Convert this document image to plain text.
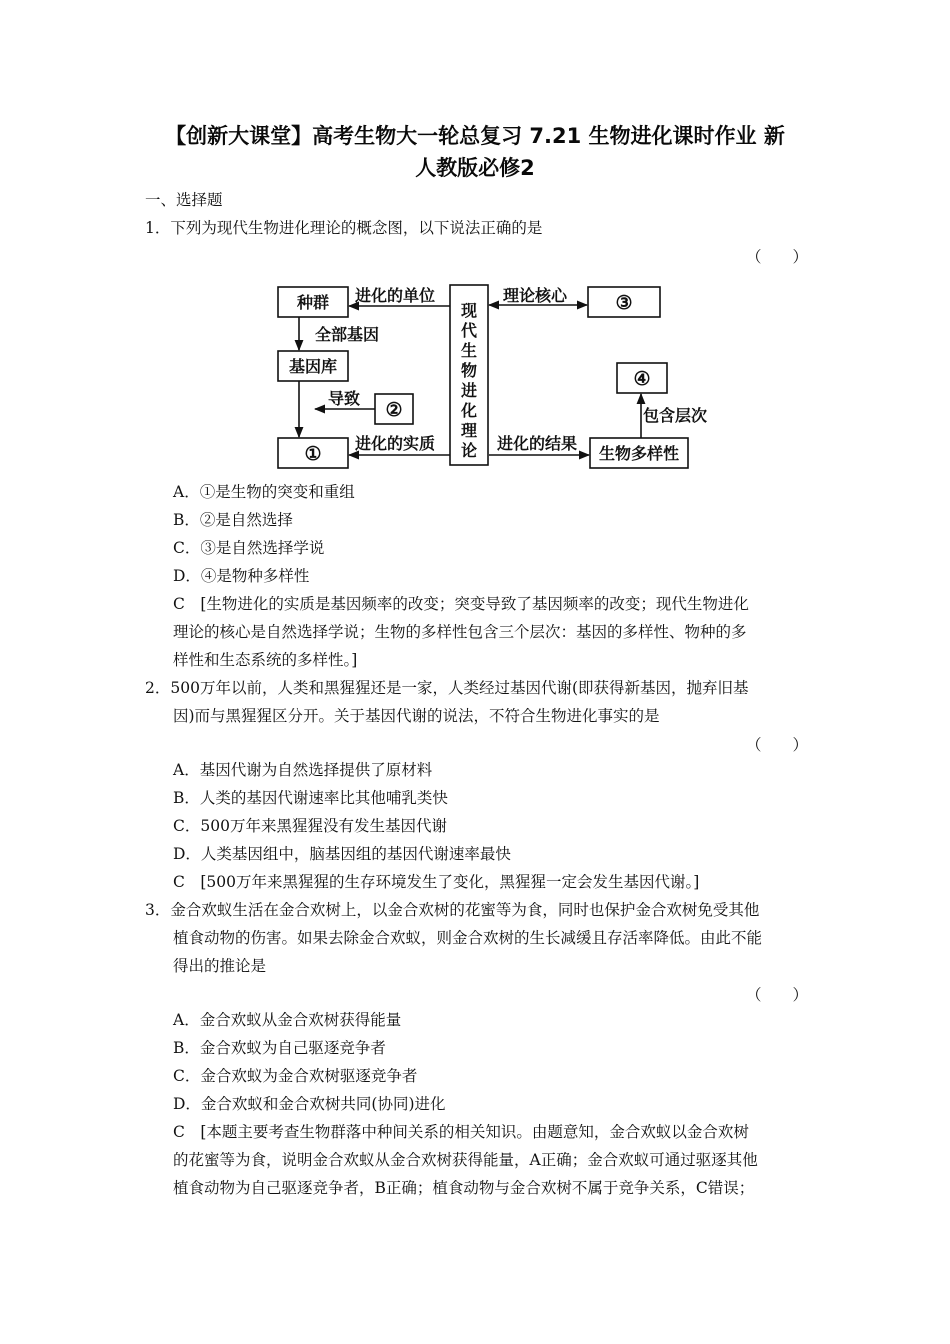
【创新大课堂】高考生物大一轮总复习 7.21 生物进化课时作业 新
人教版必修2
一、选择题
1．下列为现代生物进化理论的概念图，以下说法正确的是
（　　）
种群
基因库
①
②
③
④
生物多样性
现
代
生
物
进
化
理
论
进化的单位
全部基因
导致
进化的实质
理论核心
进化的结果
包含层次
A．①是生物的突变和重组
B．②是自然选择
C．③是自然选择学说
D．④是物种多样性
C　[生物进化的实质是基因频率的改变；突变导致了基因频率的改变；现代生物进化
理论的核心是自然选择学说；生物的多样性包含三个层次：基因的多样性、物种的多
样性和生态系统的多样性。]
2．500万年以前，人类和黑猩猩还是一家，人类经过基因代谢(即获得新基因，抛弃旧基
因)而与黑猩猩区分开。关于基因代谢的说法，不符合生物进化事实的是
（　　）
A．基因代谢为自然选择提供了原材料
B．人类的基因代谢速率比其他哺乳类快
C．500万年来黑猩猩没有发生基因代谢
D．人类基因组中，脑基因组的基因代谢速率最快
C　[500万年来黑猩猩的生存环境发生了变化，黑猩猩一定会发生基因代谢。]
3．金合欢蚁生活在金合欢树上，以金合欢树的花蜜等为食，同时也保护金合欢树免受其他
植食动物的伤害。如果去除金合欢蚁，则金合欢树的生长减缓且存活率降低。由此不能
得出的推论是
（　　）
A．金合欢蚁从金合欢树获得能量
B．金合欢蚁为自己驱逐竞争者
C．金合欢蚁为金合欢树驱逐竞争者
D．金合欢蚁和金合欢树共同(协同)进化
C　[本题主要考查生物群落中种间关系的相关知识。由题意知，金合欢蚁以金合欢树
的花蜜等为食，说明金合欢蚁从金合欢树获得能量，A正确；金合欢蚁可通过驱逐其他
植食动物为自己驱逐竞争者，B正确；植食动物与金合欢树不属于竞争关系，C错误；
